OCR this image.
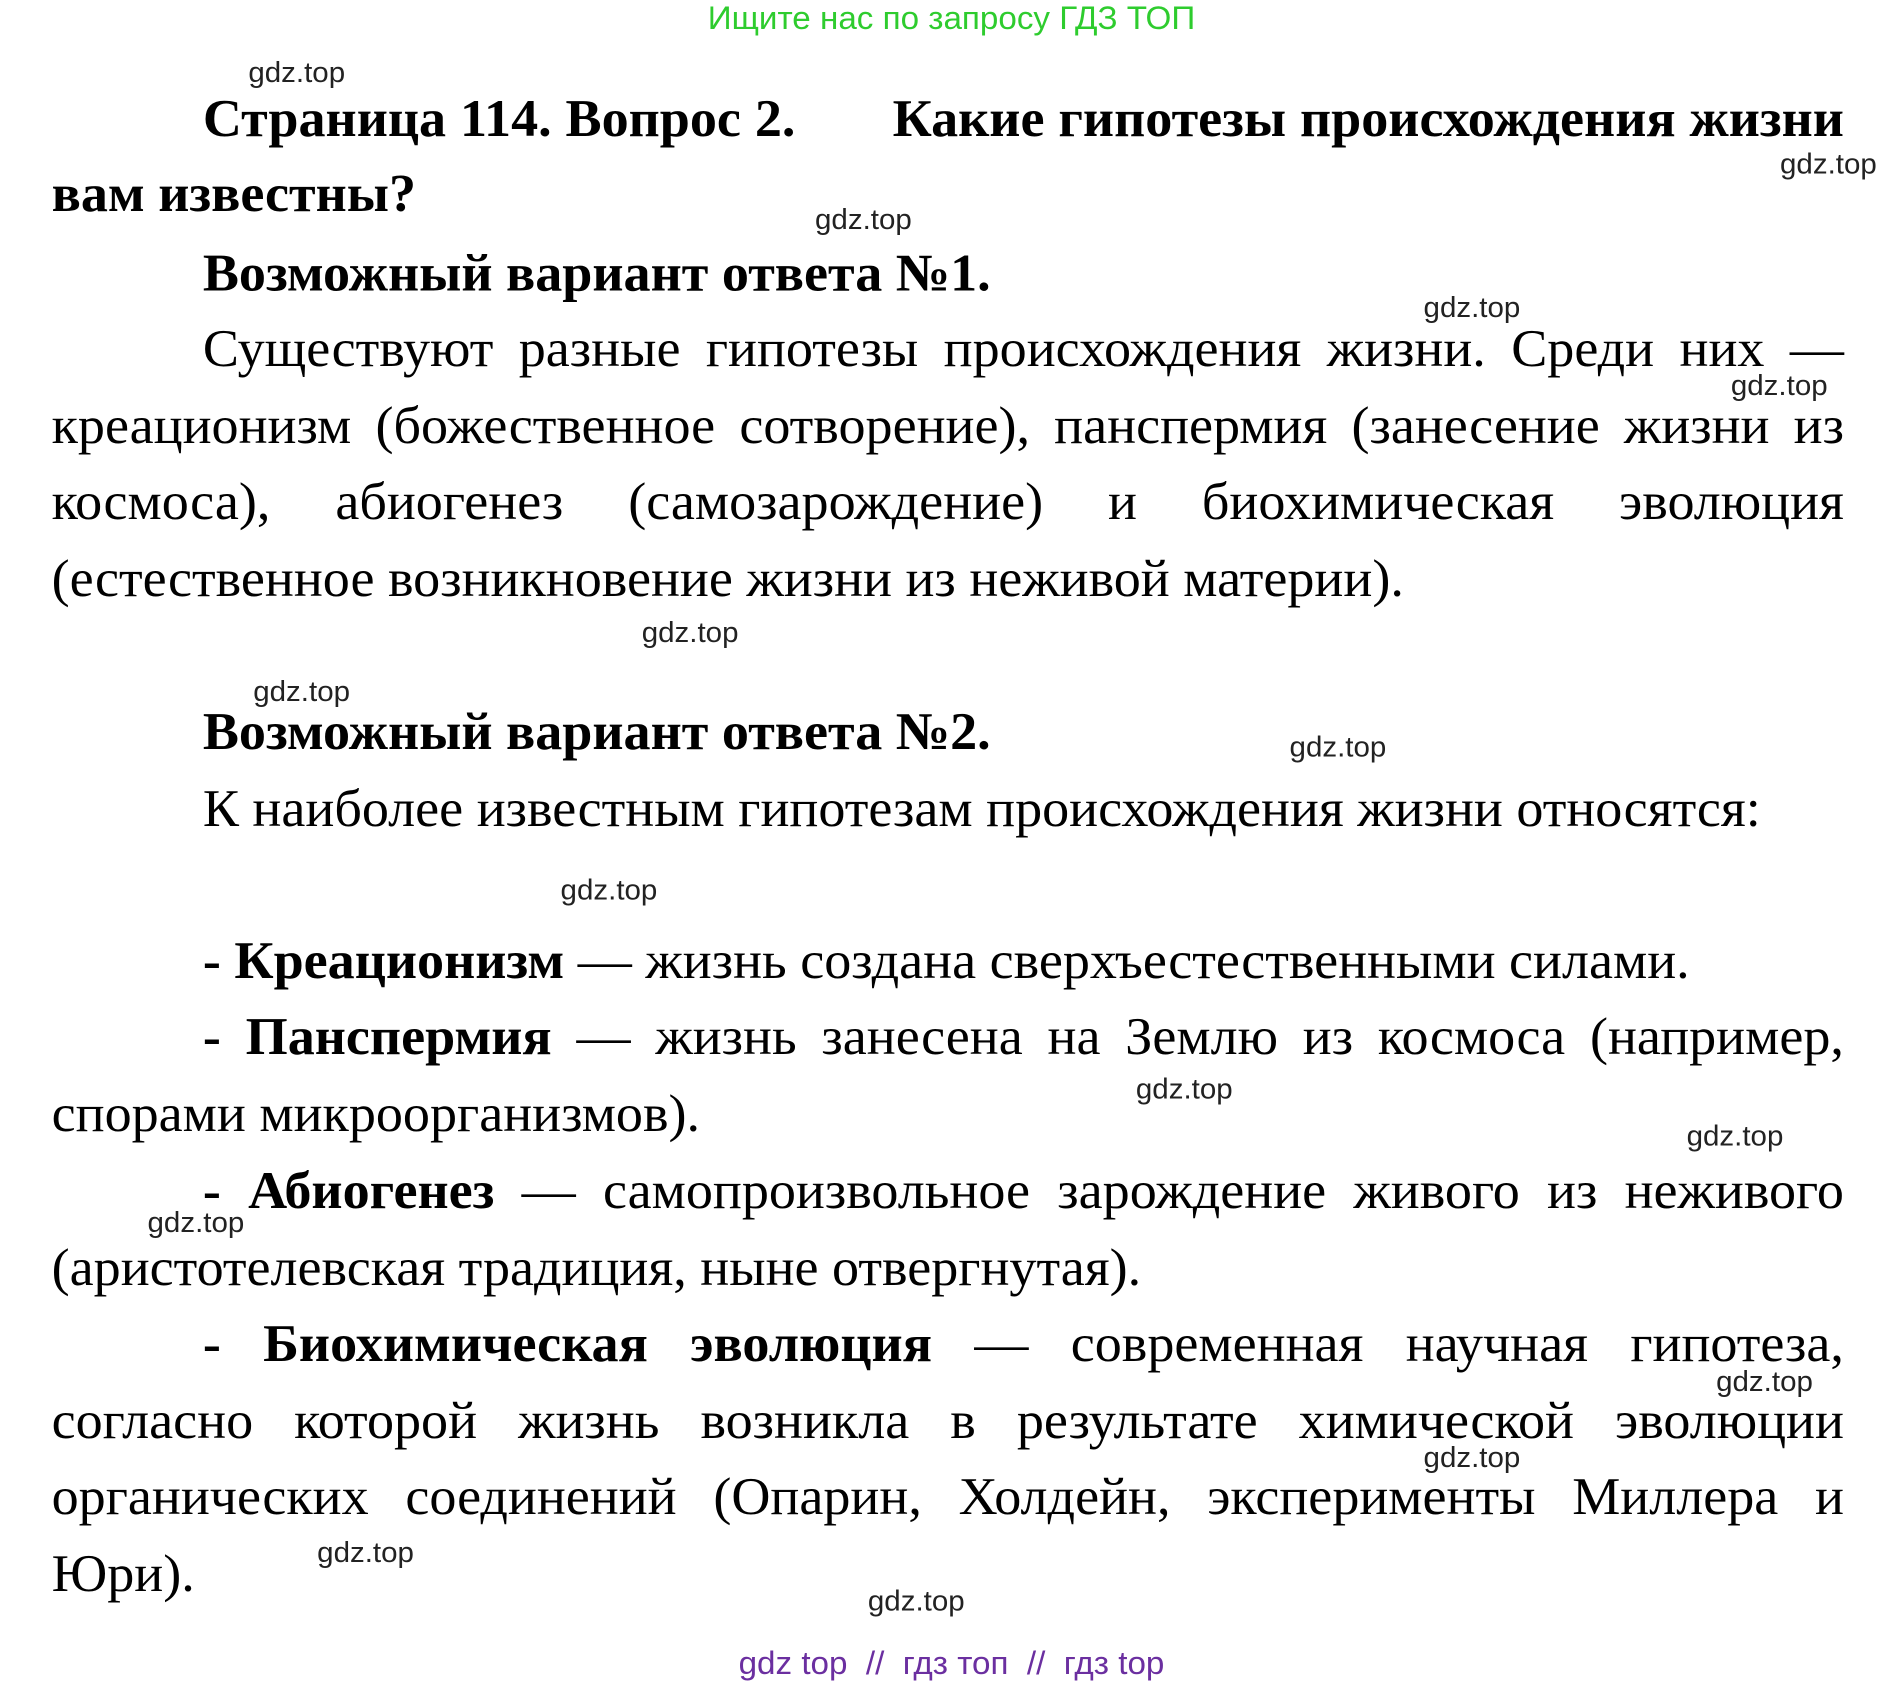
Ищите нас по запросу ГДЗ ТОП

Страница 114. Вопрос 2. Какие гипотезы происхождения жизни вам известны?

Возможный вариант ответа №1.

Существуют разные гипотезы происхождения жизни. Среди них — креационизм (божественное сотворение), панспермия (занесение жизни из космоса), абиогенез (самозарождение) и биохимическая эволюция (естественное возникновение жизни из неживой материи).

Возможный вариант ответа №2.

К наиболее известным гипотезам происхождения жизни относятся:

- Креационизм — жизнь создана сверхъестественными силами.

- Панспермия — жизнь занесена на Землю из космоса (например, спорами микроорганизмов).

- Абиогенез — самопроизвольное зарождение живого из неживого (аристотелевская традиция, ныне отвергнутая).

- Биохимическая эволюция — современная научная гипотеза, согласно которой жизнь возникла в результате химической эволюции органических соединений (Опарин, Холдейн, эксперименты Миллера и Юри).

gdz.top
gdz.top
gdz.top
gdz.top
gdz.top
gdz.top
gdz.top
gdz.top
gdz.top
gdz.top
gdz.top
gdz.top
gdz.top
gdz.top
gdz.top
gdz.top
gdz top  //  гдз топ  //  гдз top
